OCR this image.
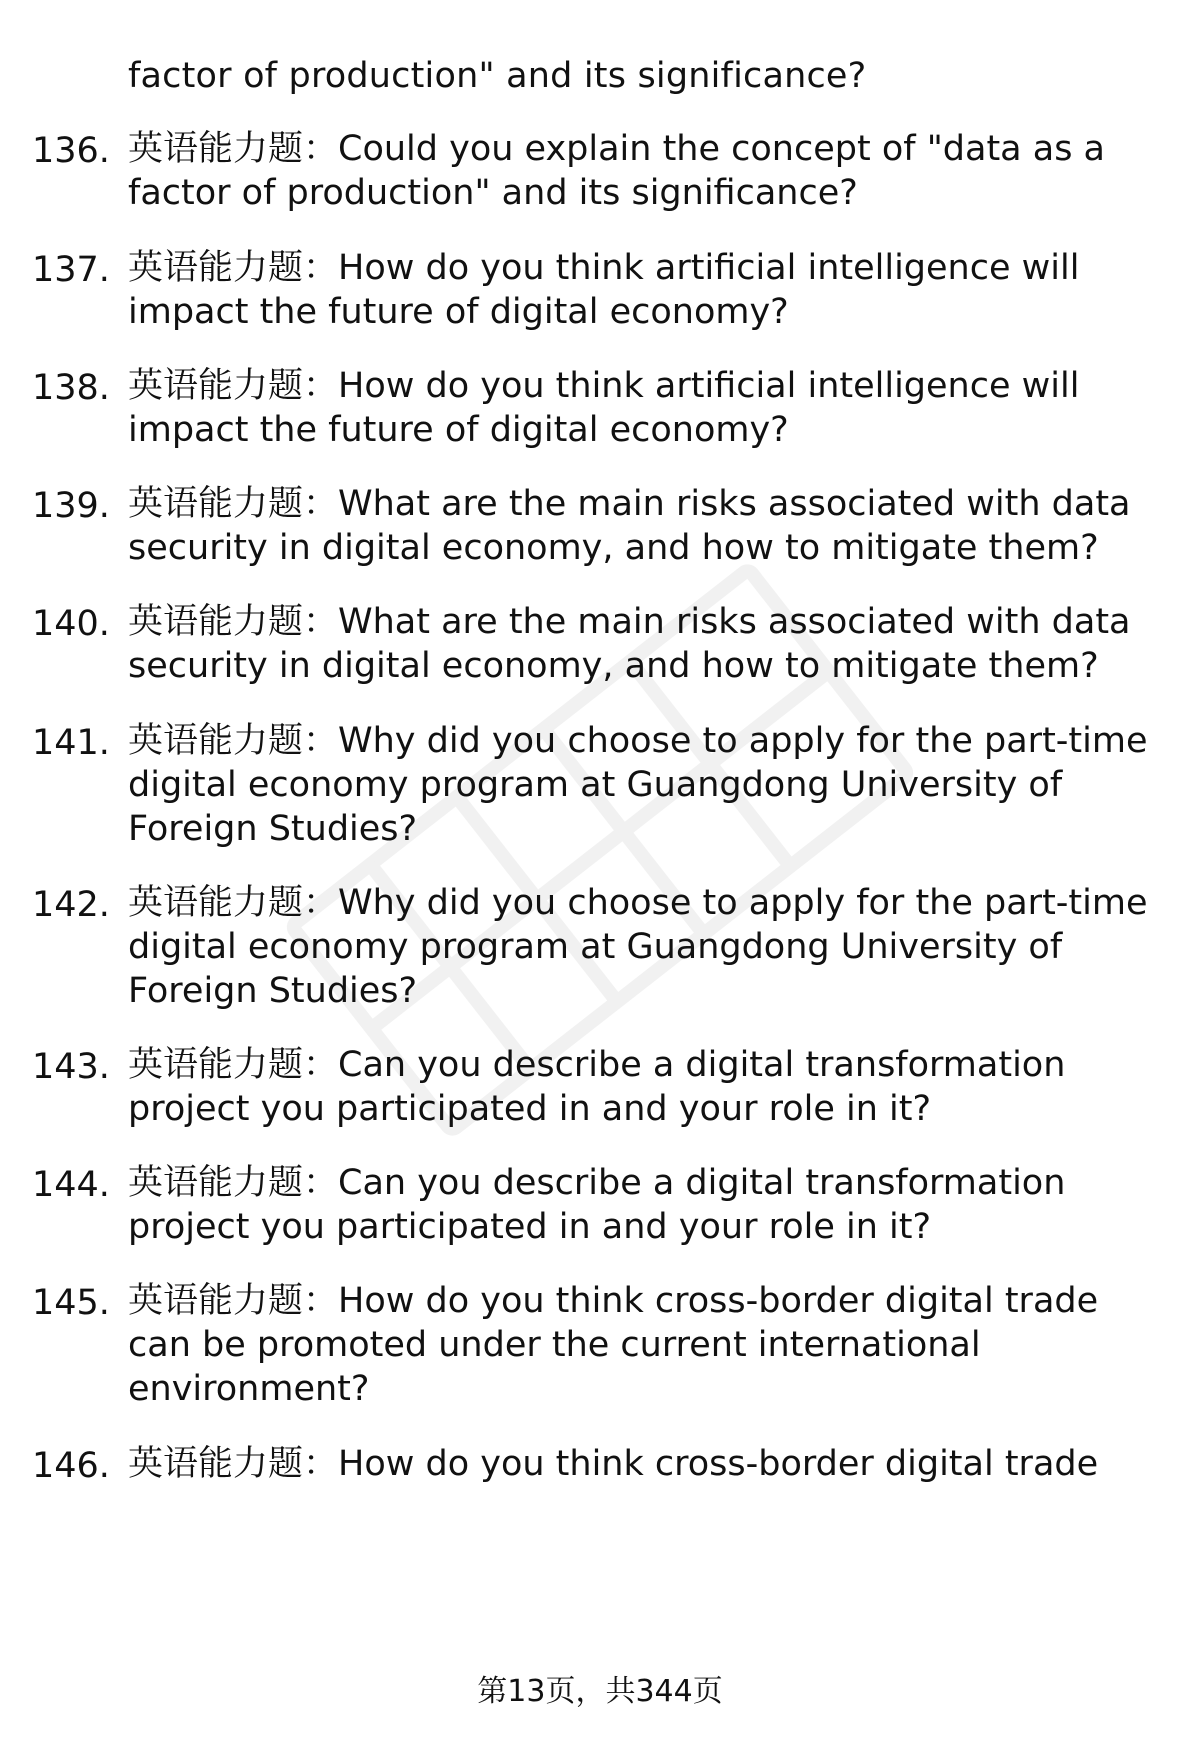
factor of production" and its significance?
136. 英语能力题：Could you explain the concept of "data as a
factor of production" and its significance?
137. 英语能力题：How do you think artificial intelligence will
impact the future of digital economy?
138. 英语能力题：How do you think artificial intelligence will
impact the future of digital economy?
139. 英语能力题：What are the main risks associated with data
security in digital economy, and how to mitigate them?
140. 英语能力题：What are the main risks associated with data
security in digital economy, and how to mitigate them?
141. 英语能力题：Why did you choose to apply for the part-time
digital economy program at Guangdong University of
Foreign Studies?
142. 英语能力题：Why did you choose to apply for the part-time
digital economy program at Guangdong University of
Foreign Studies?
143. 英语能力题：Can you describe a digital transformation
project you participated in and your role in it?
144. 英语能力题：Can you describe a digital transformation
project you participated in and your role in it?
145. 英语能力题：How do you think cross-border digital trade
can be promoted under the current international
environment?
146. 英语能力题：How do you think cross-border digital trade
第13页，共344页
